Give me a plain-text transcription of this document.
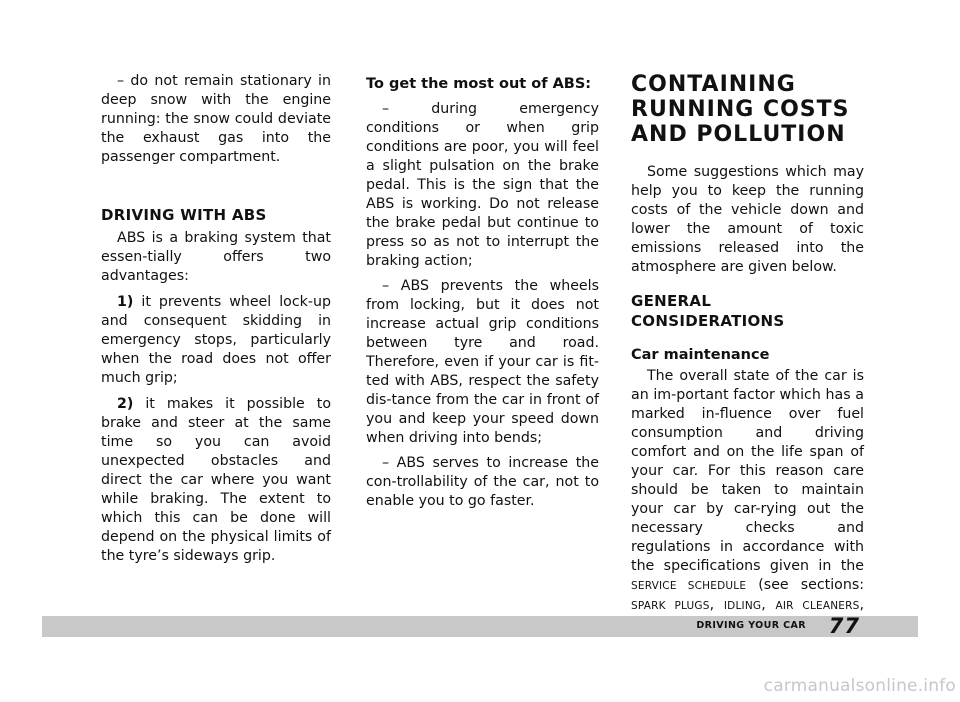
– do not remain stationary in deep snow with the engine running: the snow could deviate the exhaust gas into the passenger compartment.

DRIVING WITH ABS

ABS is a braking system that essen-tially offers two advantages:

1) it prevents wheel lock-up and consequent skidding in emergency stops, particularly when the road does not offer much grip;

2) it makes it possible to brake and steer at the same time so you can avoid unexpected obstacles and direct the car where you want while braking. The extent to which this can be done will depend on the physical limits of the tyre’s sideways grip.

To get the most out of ABS:

– during emergency conditions or when grip conditions are poor, you will feel a slight pulsation on the brake pedal. This is the sign that the ABS is working. Do not release the brake pedal but continue to press so as not to interrupt the braking action;

– ABS prevents the wheels from locking, but it does not increase actual grip conditions between tyre and road. Therefore, even if your car is fit-ted with ABS, respect the safety dis-tance from the car in front of you and keep your speed down when driving into bends;

– ABS serves to increase the con-trollability of the car, not to enable you to go faster.

CONTAINING
RUNNING COSTS
AND POLLUTION

Some suggestions which may help you to keep the running costs of the vehicle down and lower the amount of toxic emissions released into the atmosphere are given below.

GENERAL
CONSIDERATIONS
Car maintenance

The overall state of the car is an im-portant factor which has a marked in-fluence over fuel consumption and driving comfort and on the life span of your car. For this reason care should be taken to maintain your car by car-rying out the necessary checks and regulations in accordance with the specifications given in the SERVICE SCHEDULE (see sections: SPARK PLUGS, IDLING, AIR CLEANERS,

DRIVING YOUR CAR 77
carmanualsonline.info
